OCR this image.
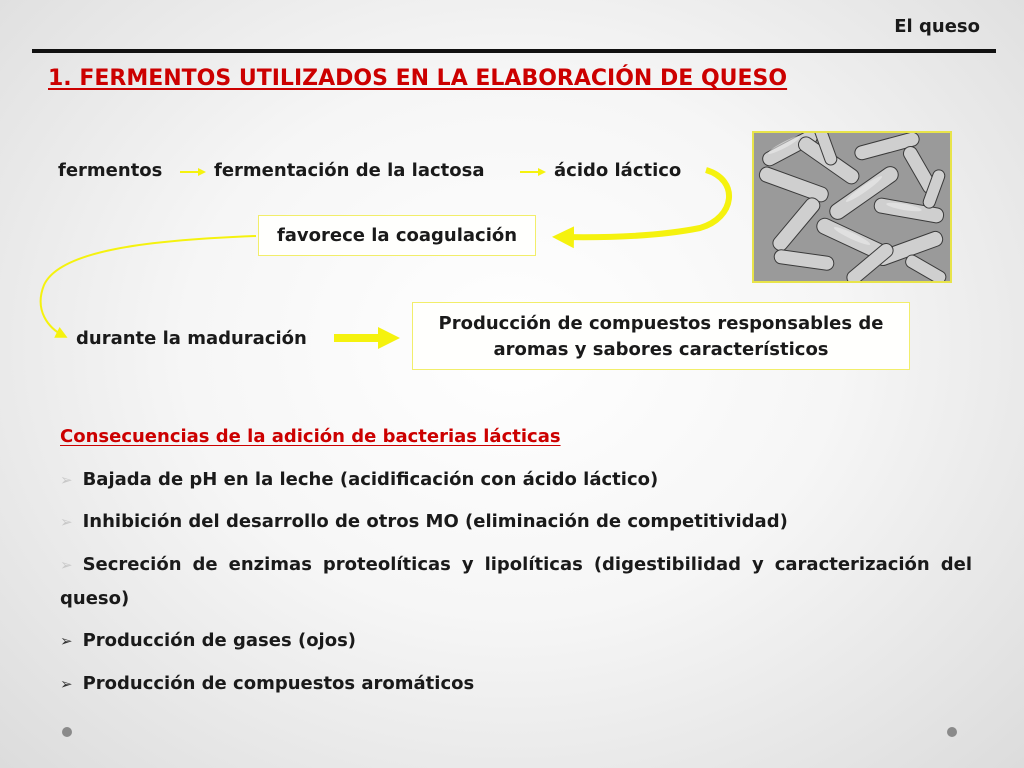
El queso
1. FERMENTOS UTILIZADOS EN LA ELABORACIÓN DE QUESO
fermentos	fermentación de la lactosa	ácido láctico
favorece la coagulación
durante la maduración
Producción de compuestos responsables de
aromas y sabores característicos
Consecuencias de la adición de bacterias lácticas
➢ Bajada de pH en la leche (acidificación con ácido láctico)
➢ Inhibición del desarrollo de otros MO (eliminación de competitividad)
➢ Secreción de enzimas proteolíticas y lipolíticas (digestibilidad y caracterización del queso)
➢ Producción de gases (ojos)
➢ Producción de compuestos aromáticos
